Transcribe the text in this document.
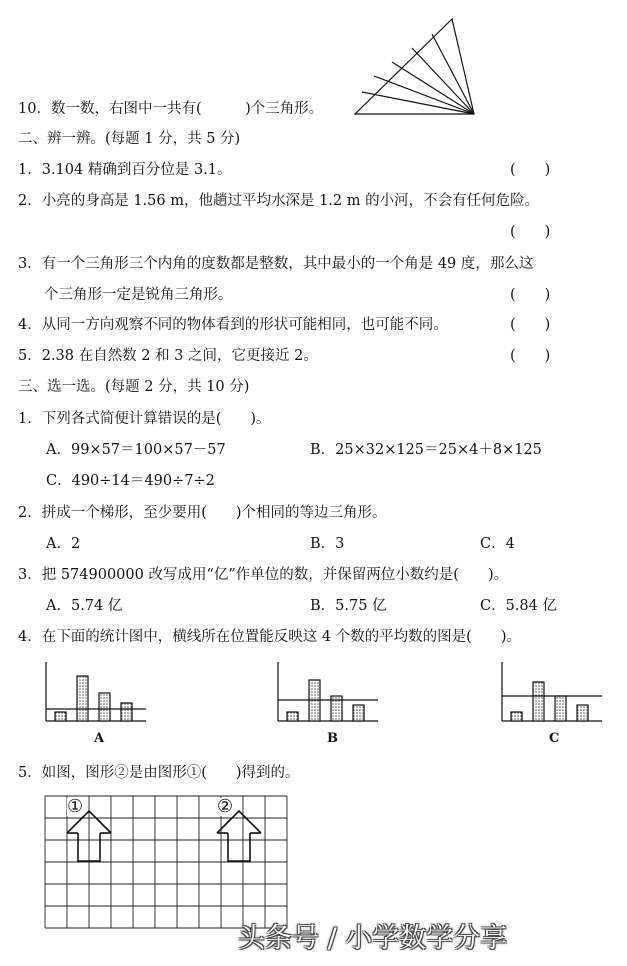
10．数一数，右图中一共有(　　　)个三角形。
二、辨一辨。(每题 1 分，共 5 分)
1．3.104 精确到百分位是 3.1。	(　　)
2．小亮的身高是 1.56 m，他趟过平均水深是 1.2 m 的小河，不会有任何危险。
(　　)
3．有一个三角形三个内角的度数都是整数，其中最小的一个角是 49 度，那么这
个三角形一定是锐角三角形。	(　　)
4．从同一方向观察不同的物体看到的形状可能相同，也可能不同。	(　　)
5．2.38 在自然数 2 和 3 之间，它更接近 2。	(　　)
三、选一选。(每题 2 分，共 10 分)
1．下列各式简便计算错误的是(　　)。
A．99×57＝100×57－57	B．25×32×125＝25×4＋8×125
C．490÷14＝490÷7÷2
2．拼成一个梯形，至少要用(　　)个相同的等边三角形。
A．2	B．3	C．4
3．把 574900000 改写成用“亿”作单位的数，并保留两位小数约是(　　)。
A．5.74 亿	B．5.75 亿	C．5.84 亿
4．在下面的统计图中，横线所在位置能反映这 4 个数的平均数的图是(　　)。
A	B	C
5．如图，图形②是由图形①(　　)得到的。
①	②
头条号 / 小学数学分享
